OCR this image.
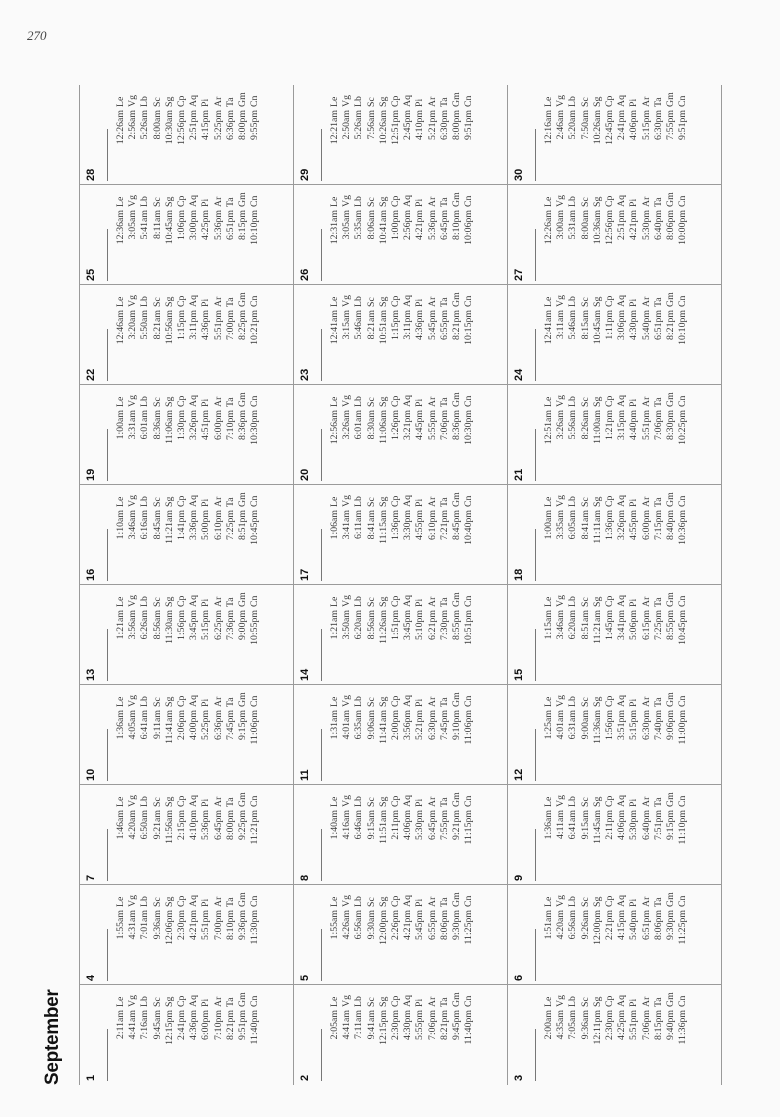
270
September 1
2:11am
Le
4:41am
Vg
7:16am
Lb
9:45am
Sc
12:15pm
Sg
2:41pm
Cp
4:36pm
Aq
6:00pm
Pi
7:10pm
Ar
8:21pm
Ta
9:51pm
Gm
11:40pm
Cn
2
2:05am
Le
4:41am
Vg
7:11am
Lb
9:41am
Sc
12:15pm
Sg
2:30pm
Cp
4:30pm
Aq
5:55pm
Pi
7:06pm
Ar
8:21pm
Ta
9:45pm
Gm
11:40pm
Cn
3
2:00am
Le
4:35am
Vg
7:05am
Lb
9:36am
Sc
12:11pm
Sg
2:30pm
Cp
4:25pm
Aq
5:51pm
Pi
7:06pm
Ar
8:15pm
Ta
9:40pm
Gm
11:36pm
Cn
4
1:55am
Le
4:31am
Vg
7:01am
Lb
9:36am
Sc
12:06pm
Sg
2:30pm
Cp
4:21pm
Aq
5:51pm
Pi
7:00pm
Ar
8:10pm
Ta
9:36pm
Gm
11:30pm
Cn
5
1:55am
Le
4:26am
Vg
6:56am
Lb
9:30am
Sc
12:00pm
Sg
2:26pm
Cp
4:21pm
Aq
5:45pm
Pi
6:55pm
Ar
8:06pm
Ta
9:30pm
Gm
11:25pm
Cn
6
1:51am
Le
4:20am
Vg
6:56am
Lb
9:26am
Sc
12:00pm
Sg
2:21pm
Cp
4:15pm
Aq
5:40pm
Pi
6:51pm
Ar
8:06pm
Ta
9:30pm
Gm
11:25pm
Cn
7
1:46am
Le
4:20am
Vg
6:50am
Lb
9:21am
Sc
11:56am
Sg
2:15pm
Cp
4:10pm
Aq
5:36pm
Pi
6:45pm
Ar
8:00pm
Ta
9:25pm
Gm
11:21pm
Cn
8
1:40am
Le
4:16am
Vg
6:46am
Lb
9:15am
Sc
11:51am
Sg
2:11pm
Cp
4:06pm
Aq
5:30pm
Pi
6:45pm
Ar
7:55pm
Ta
9:21pm
Gm
11:15pm
Cn
9
1:36am
Le
4:11am
Vg
6:41am
Lb
9:15am
Sc
11:45am
Sg
2:11pm
Cp
4:06pm
Aq
5:30pm
Pi
6:40pm
Ar
7:51pm
Ta
9:15pm
Gm
11:10pm
Cn
10
1:36am
Le
4:05am
Vg
6:41am
Lb
9:11am
Sc
11:41am
Sg
2:06pm
Cp
4:00pm
Aq
5:25pm
Pi
6:36pm
Ar
7:45pm
Ta
9:15pm
Gm
11:06pm
Cn
11
1:31am
Le
4:01am
Vg
6:35am
Lb
9:06am
Sc
11:41am
Sg
2:00pm
Cp
3:56pm
Aq
5:21pm
Pi
6:30pm
Ar
7:45pm
Ta
9:10pm
Gm
11:06pm
Cn
12
1:25am
Le
4:01am
Vg
6:31am
Lb
9:00am
Sc
11:36am
Sg
1:56pm
Cp
3:51pm
Aq
5:15pm
Pi
6:30pm
Ar
7:40pm
Ta
9:06pm
Gm
11:00pm
Cn
13
1:21am
Le
3:56am
Vg
6:26am
Lb
8:56am
Sc
11:30am
Sg
1:56pm
Cp
3:45pm
Aq
5:15pm
Pi
6:25pm
Ar
7:36pm
Ta
9:00pm
Gm
10:55pm
Cn
14
1:21am
Le
3:50am
Vg
6:20am
Lb
8:56am
Sc
11:26am
Sg
1:51pm
Cp
3:45pm
Aq
5:10pm
Pi
6:21pm
Ar
7:30pm
Ta
8:55pm
Gm
10:51pm
Cn
15
1:15am
Le
3:46am
Vg
6:20am
Lb
8:51am
Sc
11:21am
Sg
1:45pm
Cp
3:41pm
Aq
5:06pm
Pi
6:15pm
Ar
7:25pm
Ta
8:55pm
Gm
10:45pm
Cn
16
1:10am
Le
3:46am
Vg
6:16am
Lb
8:45am
Sc
11:21am
Sg
1:41pm
Cp
3:36pm
Aq
5:00pm
Pi
6:10pm
Ar
7:25pm
Ta
8:51pm
Gm
10:45pm
Cn
17
1:06am
Le
3:41am
Vg
6:11am
Lb
8:41am
Sc
11:15am
Sg
1:36pm
Cp
3:30pm
Aq
4:55pm
Pi
6:10pm
Ar
7:21pm
Ta
8:45pm
Gm
10:40pm
Cn
18
1:00am
Le
3:35am
Vg
6:05am
Lb
8:41am
Sc
11:11am
Sg
1:36pm
Cp
3:26pm
Aq
4:55pm
Pi
6:00pm
Ar
7:15pm
Ta
8:40pm
Gm
10:36pm
Cn
19
1:00am
Le
3:31am
Vg
6:01am
Lb
8:36am
Sc
11:06am
Sg
1:30pm
Cp
3:26pm
Aq
4:51pm
Pi
6:00pm
Ar
7:10pm
Ta
8:36pm
Gm
10:30pm
Cn
20
12:56am
Le
3:26am
Vg
6:01am
Lb
8:30am
Sc
11:06am
Sg
1:26pm
Cp
3:21pm
Aq
4:45pm
Pi
5:55pm
Ar
7:06pm
Ta
8:36pm
Gm
10:30pm
Cn
21
12:51am
Le
3:26am
Vg
5:56am
Lb
8:26am
Sc
11:00am
Sg
1:21pm
Cp
3:15pm
Aq
4:40pm
Pi
5:51pm
Ar
7:06pm
Ta
8:30pm
Gm
10:25pm
Cn
22
12:46am
Le
3:20am
Vg
5:50am
Lb
8:21am
Sc
10:56am
Sg
1:15pm
Cp
3:11pm
Aq
4:36pm
Pi
5:51pm
Ar
7:00pm
Ta
8:25pm
Gm
10:21pm
Cn
23
12:41am
Le
3:15am
Vg
5:46am
Lb
8:21am
Sc
10:51am
Sg
1:15pm
Cp
3:11pm
Aq
4:36pm
Pi
5:45pm
Ar
6:55pm
Ta
8:21pm
Gm
10:15pm
Cn
24
12:41am
Le
3:11am
Vg
5:46am
Lb
8:15am
Sc
10:45am
Sg
1:11pm
Cp
3:06pm
Aq
4:30pm
Pi
5:40pm
Ar
6:51pm
Ta
8:21pm
Gm
10:10pm
Cn
25
12:36am
Le
3:05am
Vg
5:41am
Lb
8:11am
Sc
10:45am
Sg
1:06pm
Cp
3:00pm
Aq
4:25pm
Pi
5:36pm
Ar
6:51pm
Ta
8:15pm
Gm
10:10pm
Cn
26
12:31am
Le
3:05am
Vg
5:35am
Lb
8:06am
Sc
10:41am
Sg
1:00pm
Cp
2:56pm
Aq
4:21pm
Pi
5:36pm
Ar
6:45pm
Ta
8:10pm
Gm
10:06pm
Cn
27
12:26am
Le
3:00am
Vg
5:31am
Lb
8:00am
Sc
10:36am
Sg
12:56pm
Cp
2:51pm
Aq
4:21pm
Pi
5:30pm
Ar
6:40pm
Ta
8:06pm
Gm
10:00pm
Cn
28
12:26am
Le
2:56am
Vg
5:26am
Lb
8:00am
Sc
10:30am
Sg
12:56pm
Cp
2:51pm
Aq
4:15pm
Pi
5:25pm
Ar
6:36pm
Ta
8:00pm
Gm
9:55pm
Cn
29
12:21am
Le
2:50am
Vg
5:26am
Lb
7:56am
Sc
10:26am
Sg
12:51pm
Cp
2:45pm
Aq
4:10pm
Pi
5:21pm
Ar
6:30pm
Ta
8:00pm
Gm
9:51pm
Cn
30
12:16am
Le
2:46am
Vg
5:20am
Lb
7:50am
Sc
10:26am
Sg
12:45pm
Cp
2:41pm
Aq
4:06pm
Pi
5:15pm
Ar
6:30pm
Ta
7:55pm
Gm
9:51pm
Cn
